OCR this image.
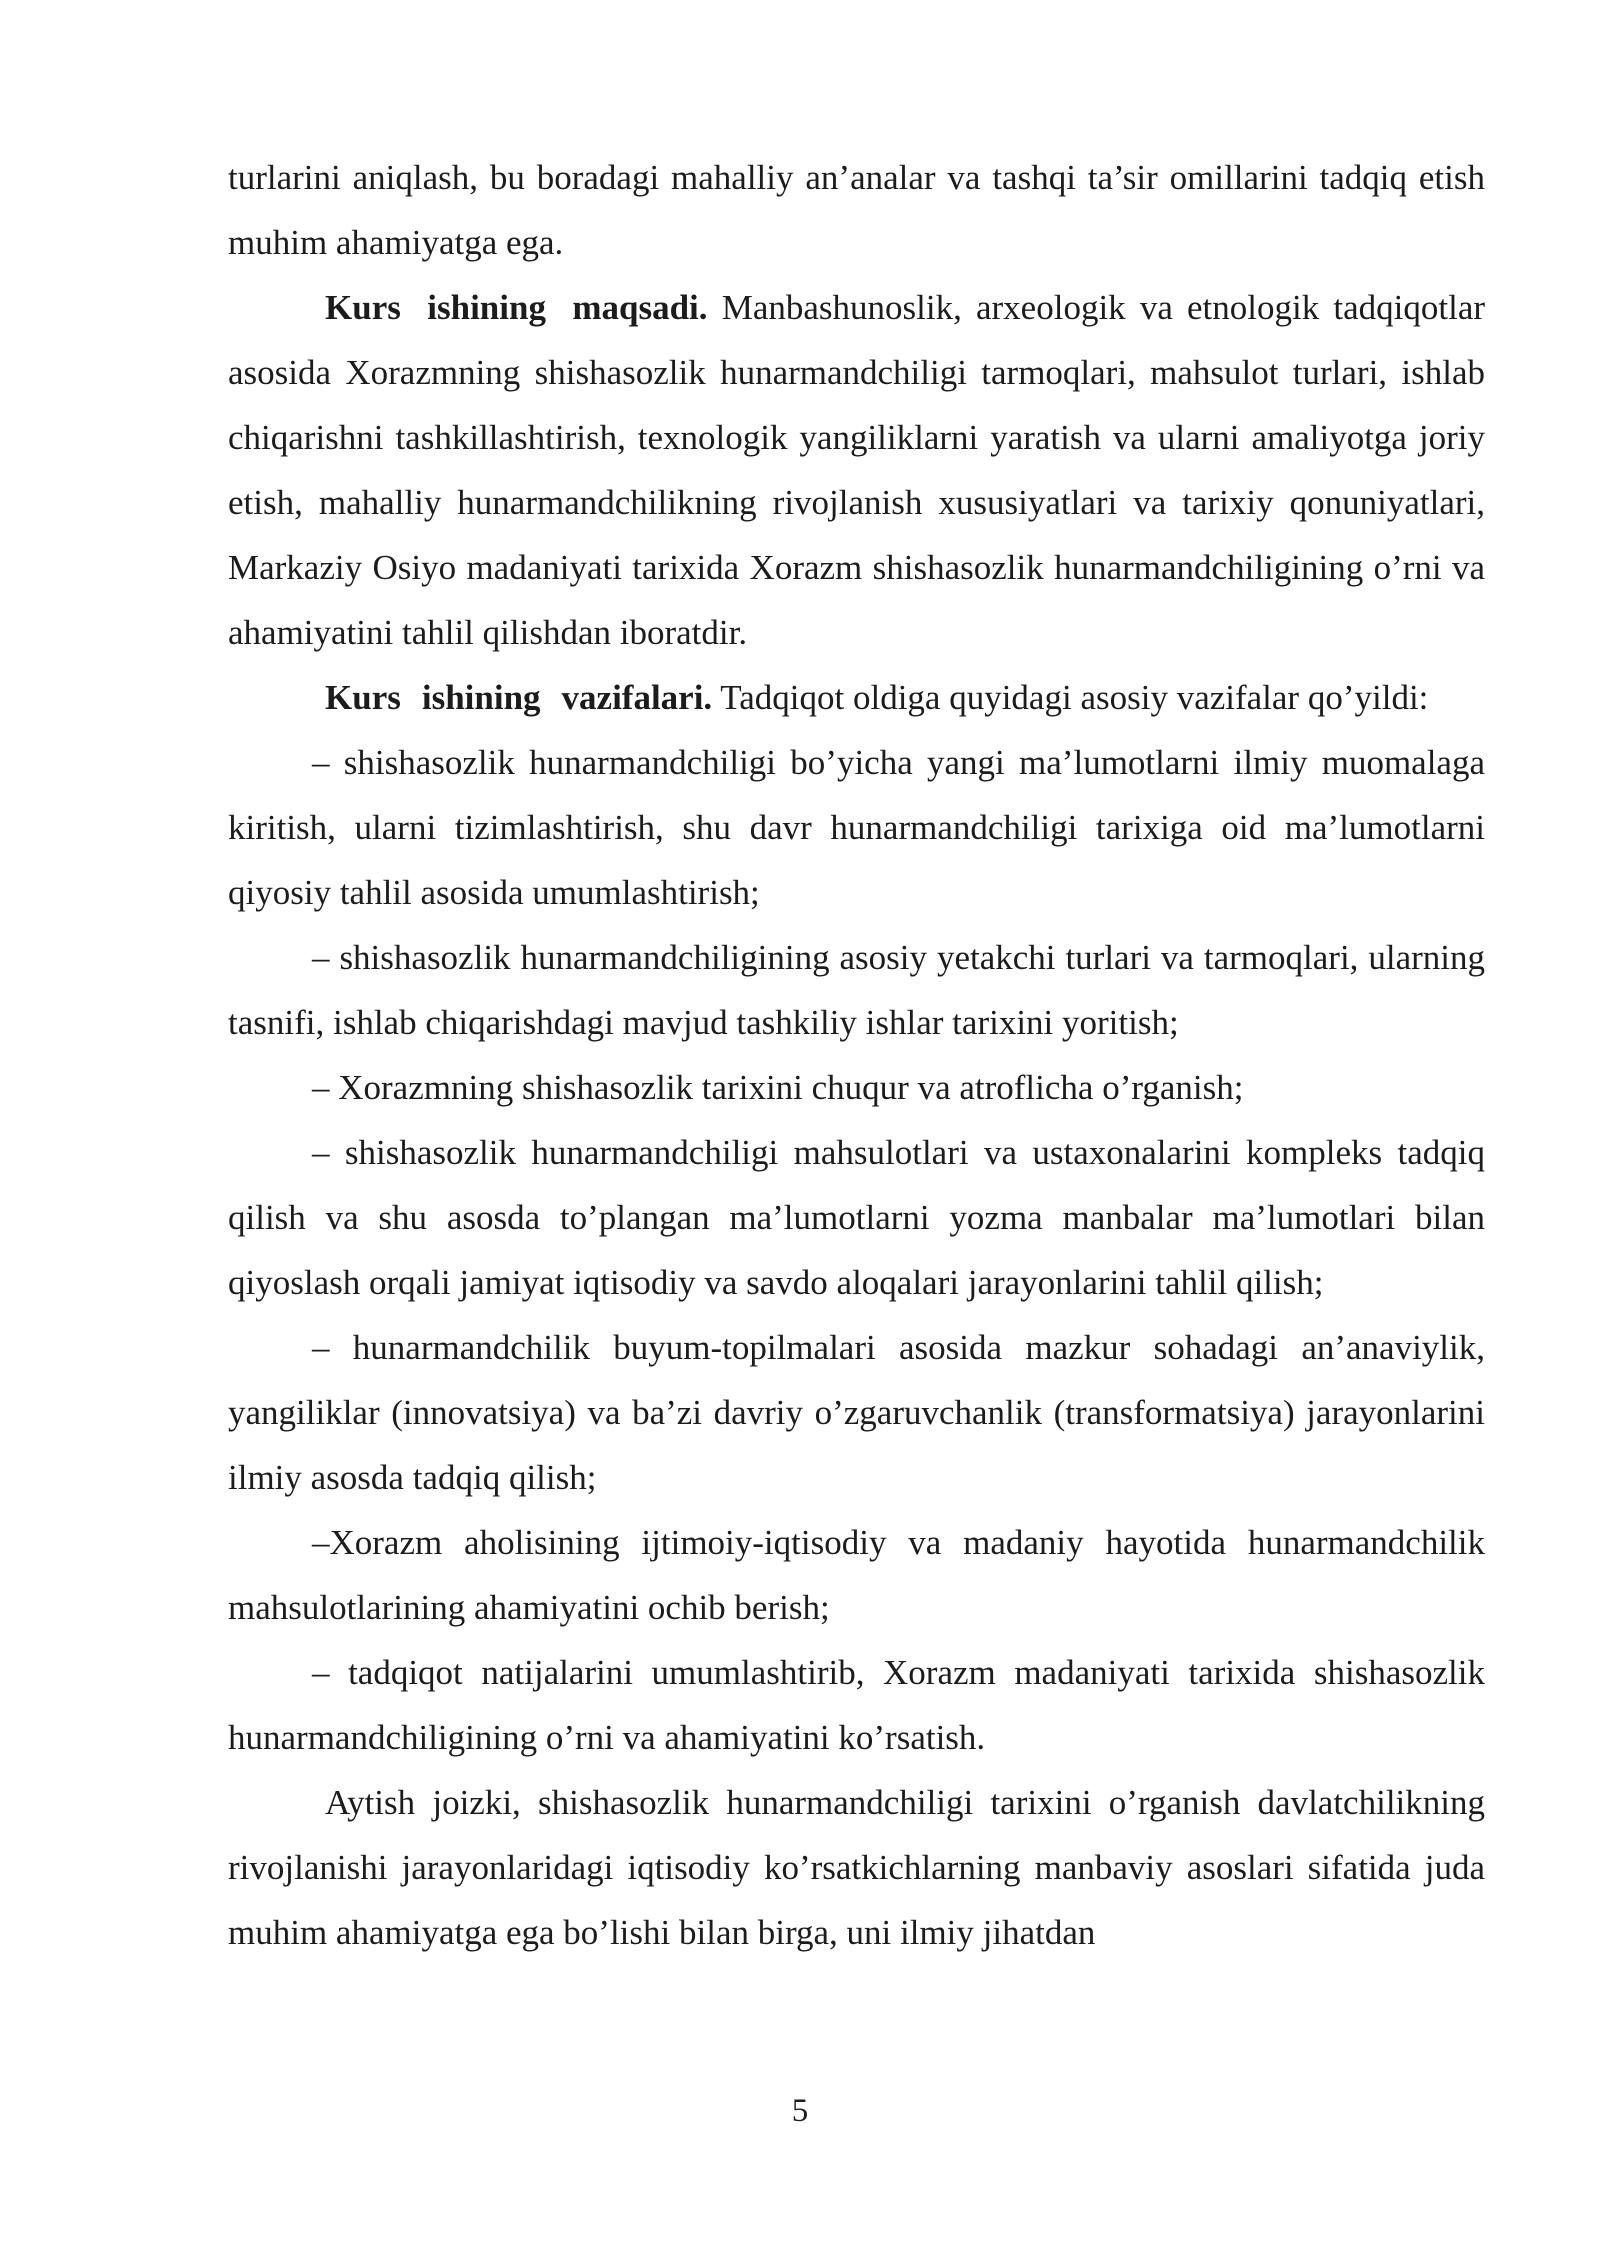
turlarini aniqlash, bu boradagi mahalliy an’analar va tashqi ta’sir omillarini tadqiq etish muhim ahamiyatga ega.

Kurs ishining maqsadi. Manbashunoslik, arxeologik va etnologik tadqiqotlar asosida Xorazmning shishasozlik hunarmandchiligi tarmoqlari, mahsulot turlari, ishlab chiqarishni tashkillashtirish, texnologik yangiliklarni yaratish va ularni amaliyotga joriy etish, mahalliy hunarmandchilikning rivojlanish xususiyatlari va tarixiy qonuniyatlari, Markaziy Osiyo madaniyati tarixida Xorazm shishasozlik hunarmandchiligining o’rni va ahamiyatini tahlil qilishdan iboratdir.

Kurs ishining vazifalari. Tadqiqot oldiga quyidagi asosiy vazifalar qo’yildi:

– shishasozlik hunarmandchiligi bo’yicha yangi ma’lumotlarni ilmiy muomalaga kiritish, ularni tizimlashtirish, shu davr hunarmandchiligi tarixiga oid ma’lumotlarni qiyosiy tahlil asosida umumlashtirish;

– shishasozlik hunarmandchiligining asosiy yetakchi turlari va tarmoqlari, ularning tasnifi, ishlab chiqarishdagi mavjud tashkiliy ishlar tarixini yoritish;

– Xorazmning shishasozlik tarixini chuqur va atroflicha o’rganish;

– shishasozlik hunarmandchiligi mahsulotlari va ustaxonalarini kompleks tadqiq qilish va shu asosda to’plangan ma’lumotlarni yozma manbalar ma’lumotlari bilan qiyoslash orqali jamiyat iqtisodiy va savdo aloqalari jarayonlarini tahlil qilish;

– hunarmandchilik buyum-topilmalari asosida mazkur sohadagi an’anaviylik, yangiliklar (innovatsiya) va ba’zi davriy o’zgaruvchanlik (transformatsiya) jarayonlarini ilmiy asosda tadqiq qilish;

–Xorazm aholisining ijtimoiy-iqtisodiy va madaniy hayotida hunarmandchilik mahsulotlarining ahamiyatini ochib berish;

– tadqiqot natijalarini umumlashtirib, Xorazm madaniyati tarixida shishasozlik hunarmandchiligining o’rni va ahamiyatini ko’rsatish.

Aytish joizki, shishasozlik hunarmandchiligi tarixini o’rganish davlatchilikning rivojlanishi jarayonlaridagi iqtisodiy ko’rsatkichlarning manbaviy asoslari sifatida juda muhim ahamiyatga ega bo’lishi bilan birga, uni ilmiy jihatdan

5
